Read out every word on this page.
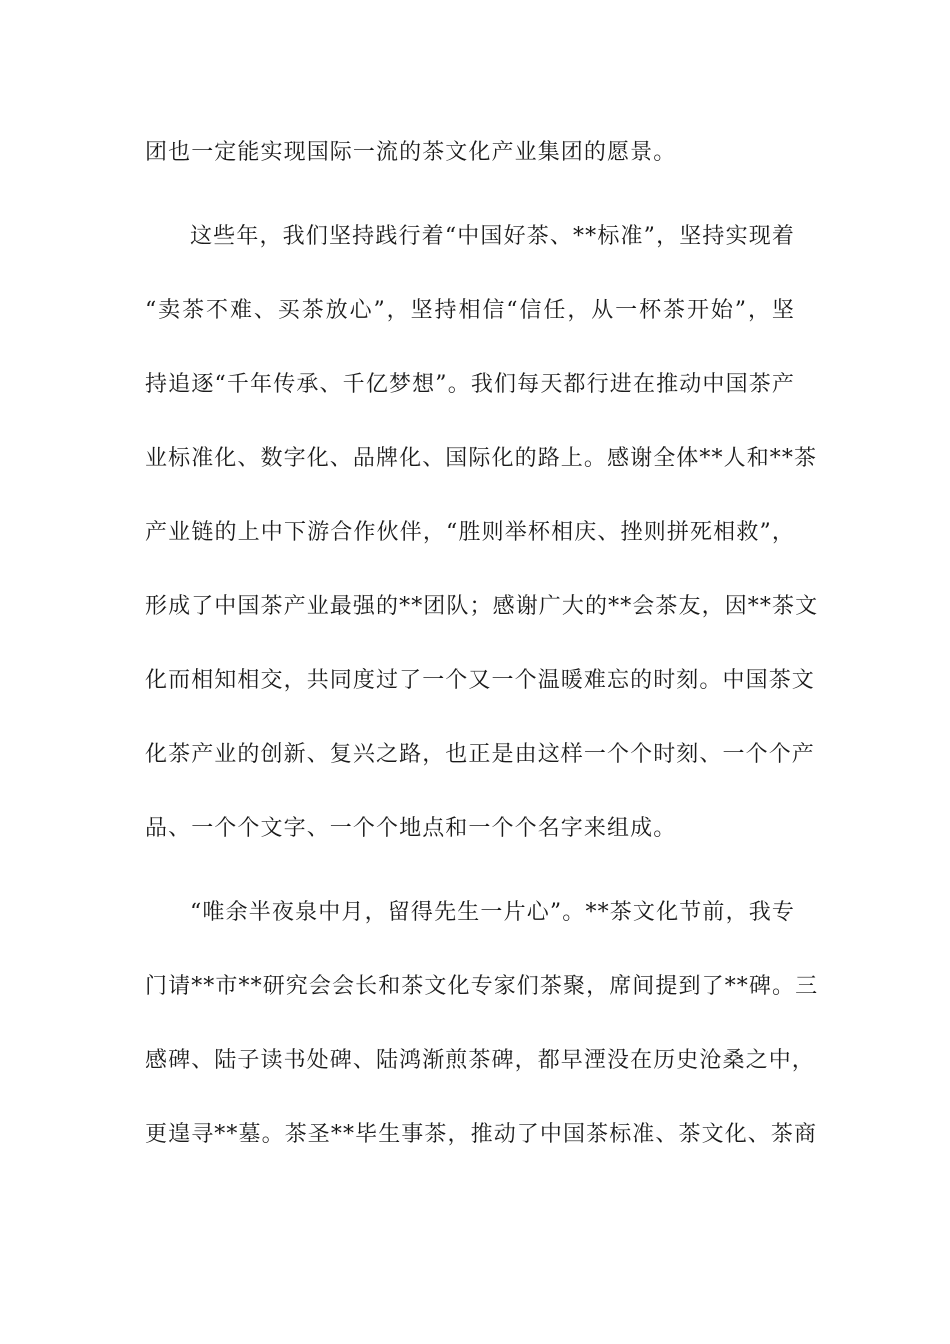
团也一定能实现国际一流的茶文化产业集团的愿景。
这些年，我们坚持践行着“中国好茶、**标准”，坚持实现着
“卖茶不难、买茶放心”，坚持相信“信任，从一杯茶开始”，坚
持追逐“千年传承、千亿梦想”。我们每天都行进在推动中国茶产
业标准化、数字化、品牌化、国际化的路上。感谢全体**人和**茶
产业链的上中下游合作伙伴，“胜则举杯相庆、挫则拼死相救”，
形成了中国茶产业最强的**团队；感谢广大的**会茶友，因**茶文
化而相知相交，共同度过了一个又一个温暖难忘的时刻。中国茶文
化茶产业的创新、复兴之路，也正是由这样一个个时刻、一个个产
品、一个个文字、一个个地点和一个个名字来组成。
“唯余半夜泉中月，留得先生一片心”。**茶文化节前，我专
门请**市**研究会会长和茶文化专家们茶聚，席间提到了**碑。三
感碑、陆子读书处碑、陆鸿渐煎茶碑，都早湮没在历史沧桑之中，
更遑寻**墓。茶圣**毕生事茶，推动了中国茶标准、茶文化、茶商
